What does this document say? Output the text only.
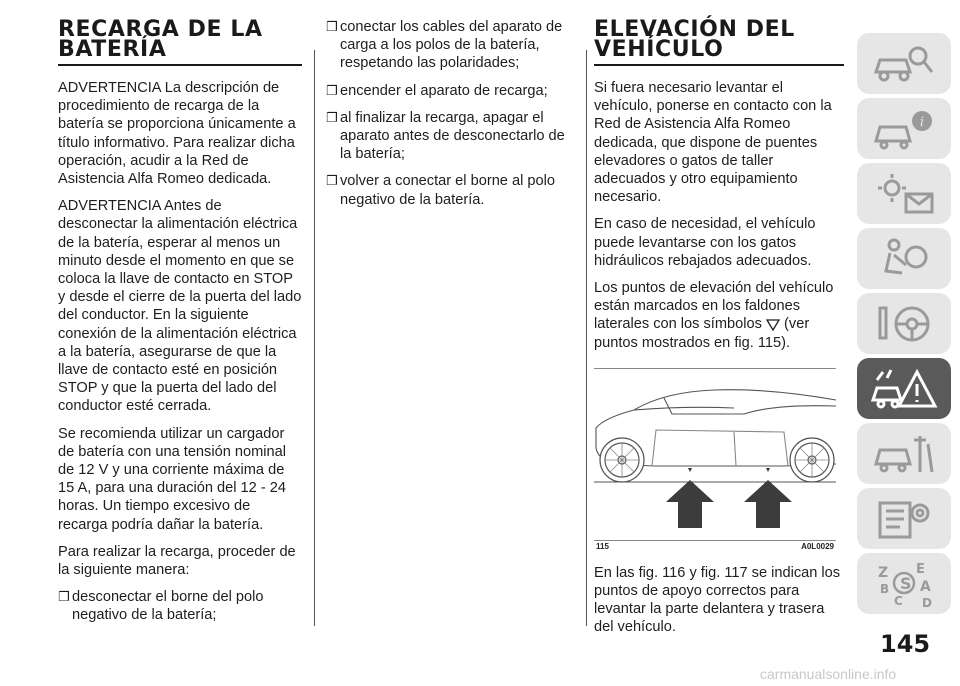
RECARGA DE LA BATERÍA

ADVERTENCIA La descripción de procedimiento de recarga de la batería se proporciona únicamente a título informativo. Para realizar dicha operación, acudir a la Red de Asistencia Alfa Romeo dedicada.

ADVERTENCIA Antes de desconectar la alimentación eléctrica de la batería, esperar al menos un minuto desde el momento en que se coloca la llave de contacto en STOP y desde el cierre de la puerta del lado del conductor. En la siguiente conexión de la alimentación eléctrica a la batería, asegurarse de que la llave de contacto esté en posición STOP y que la puerta del lado del conductor esté cerrada.

Se recomienda utilizar un cargador de batería con una tensión nominal de 12 V y una corriente máxima de 15 A, para una duración del 12 - 24 horas. Un tiempo excesivo de recarga podría dañar la batería.

Para realizar la recarga, proceder de la siguiente manera:

❒ desconectar el borne del polo negativo de la batería;
❒ conectar los cables del aparato de carga a los polos de la batería, respetando las polaridades;
❒ encender el aparato de recarga;
❒ al finalizar la recarga, apagar el aparato antes de desconectarlo de la batería;
❒ volver a conectar el borne al polo negativo de la batería.
ELEVACIÓN DEL VEHÍCULO

Si fuera necesario levantar el vehículo, ponerse en contacto con la Red de Asistencia Alfa Romeo dedicada, que dispone de puentes elevadores o gatos de taller adecuados y otro equipamiento necesario.

En caso de necesidad, el vehículo puede levantarse con los gatos hidráulicos rebajados adecuados.

Los puntos de elevación del vehículo están marcados en los faldones laterales con los símbolos (ver puntos mostrados en fig. 115).

115	A0L0029

En las fig. 116 y fig. 117 se indican los puntos de apoyo correctos para levantar la parte delantera y trasera del vehículo.

i
Z E
A
B
C D
S
145
carmanualsonline.info
